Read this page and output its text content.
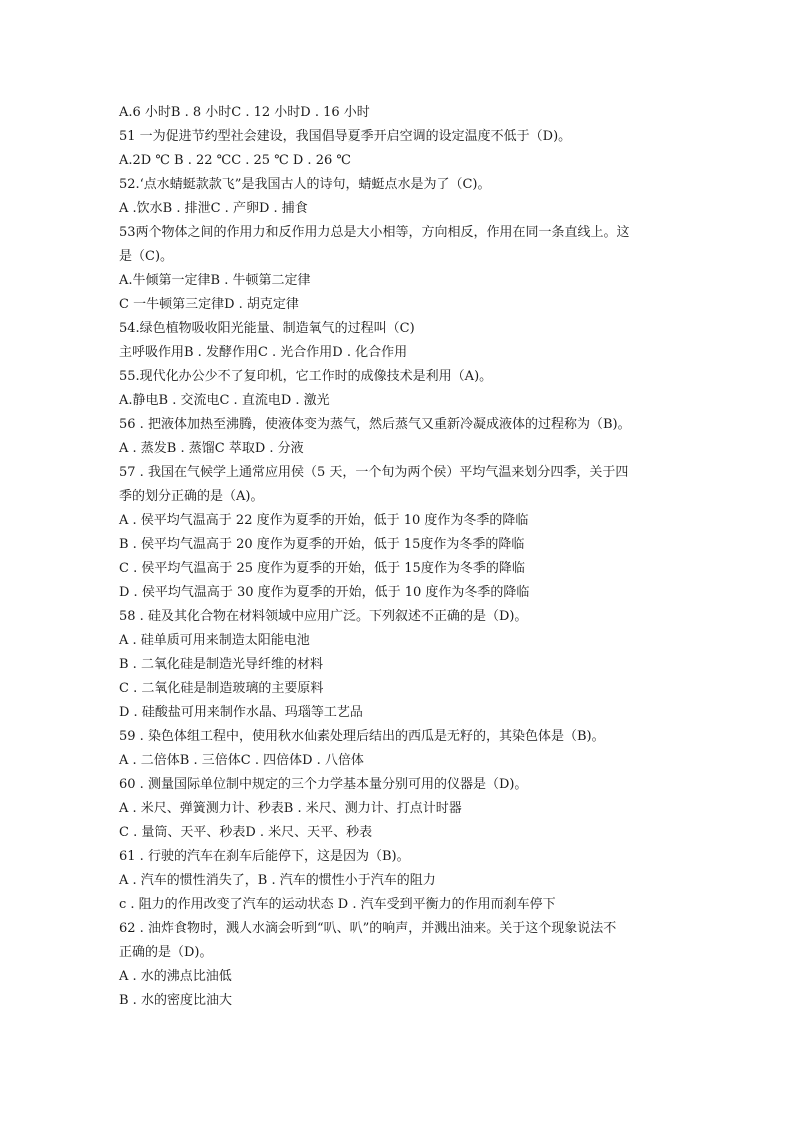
A.6 小时B . 8 小时C . 12 小时D . 16 小时
51 一为促进节约型社会建设，我国倡导夏季开启空调的设定温度不低于（D)。
A.2D ℃ B . 22 ℃C . 25 ℃ D . 26 ℃
52.‘点水蜻蜓款款飞”是我国古人的诗句，蜻蜓点水是为了（C)。
A .饮水B . 排泄C . 产卵D . 捕食
53两个物体之间的作用力和反作用力总是大小相等，方向相反，作用在同一条直线上。这
是（C)。
A.牛倾第一定律B . 牛顿第二定律
C 一牛顿第三定律D . 胡克定律
54.绿色植物吸收阳光能量、制造氧气的过程叫（C)
主呼吸作用B . 发酵作用C . 光合作用D . 化合作用
55.现代化办公少不了复印机，它工作时的成像技术是利用（A)。
A.静电B . 交流电C . 直流电D . 激光
56 . 把液体加热至沸腾，使液体变为蒸气，然后蒸气又重新冷凝成液体的过程称为（B)。
A . 蒸发B . 蒸馏C 萃取D . 分液
57 . 我国在气候学上通常应用侯（5 天，一个旬为两个侯）平均气温来划分四季，关于四
季的划分正确的是（A)。
A . 侯平均气温高于 22 度作为夏季的开始，低于 10 度作为冬季的降临
B . 侯平均气温高于 20 度作为夏季的开始，低于 15度作为冬季的降临
C . 侯平均气温高于 25 度作为夏季的开始，低于 15度作为冬季的降临
D . 侯平均气温高于 30 度作为夏季的开始，低于 10 度作为冬季的降临
58 . 硅及其化合物在材料领域中应用广泛。下列叙述不正确的是（D)。
A . 硅单质可用来制造太阳能电池
B . 二氧化硅是制造光导纤维的材料
C . 二氧化硅是制造玻璃的主要原料
D . 硅酸盐可用来制作水晶、玛瑙等工艺品
59 . 染色体组工程中，使用秋水仙素处理后结出的西瓜是无籽的，其染色体是（B)。
A . 二倍体B . 三倍体C . 四倍体D . 八倍体
60 . 测量国际单位制中规定的三个力学基本量分别可用的仪器是（D)。
A . 米尺、弹簧测力计、秒表B . 米尺、测力计、打点计时器
C . 量筒、天平、秒表D . 米尺、天平、秒表
61 . 行驶的汽车在刹车后能停下，这是因为（B)。
A . 汽车的惯性消失了，B . 汽车的惯性小于汽车的阻力
c . 阻力的作用改变了汽车的运动状态 D . 汽车受到平衡力的作用而刹车停下
62 . 油炸食物时，溅人水滴会听到“叭、叭”的响声，并溅出油来。关于这个现象说法不
正确的是（D)。
A . 水的沸点比油低
B . 水的密度比油大
